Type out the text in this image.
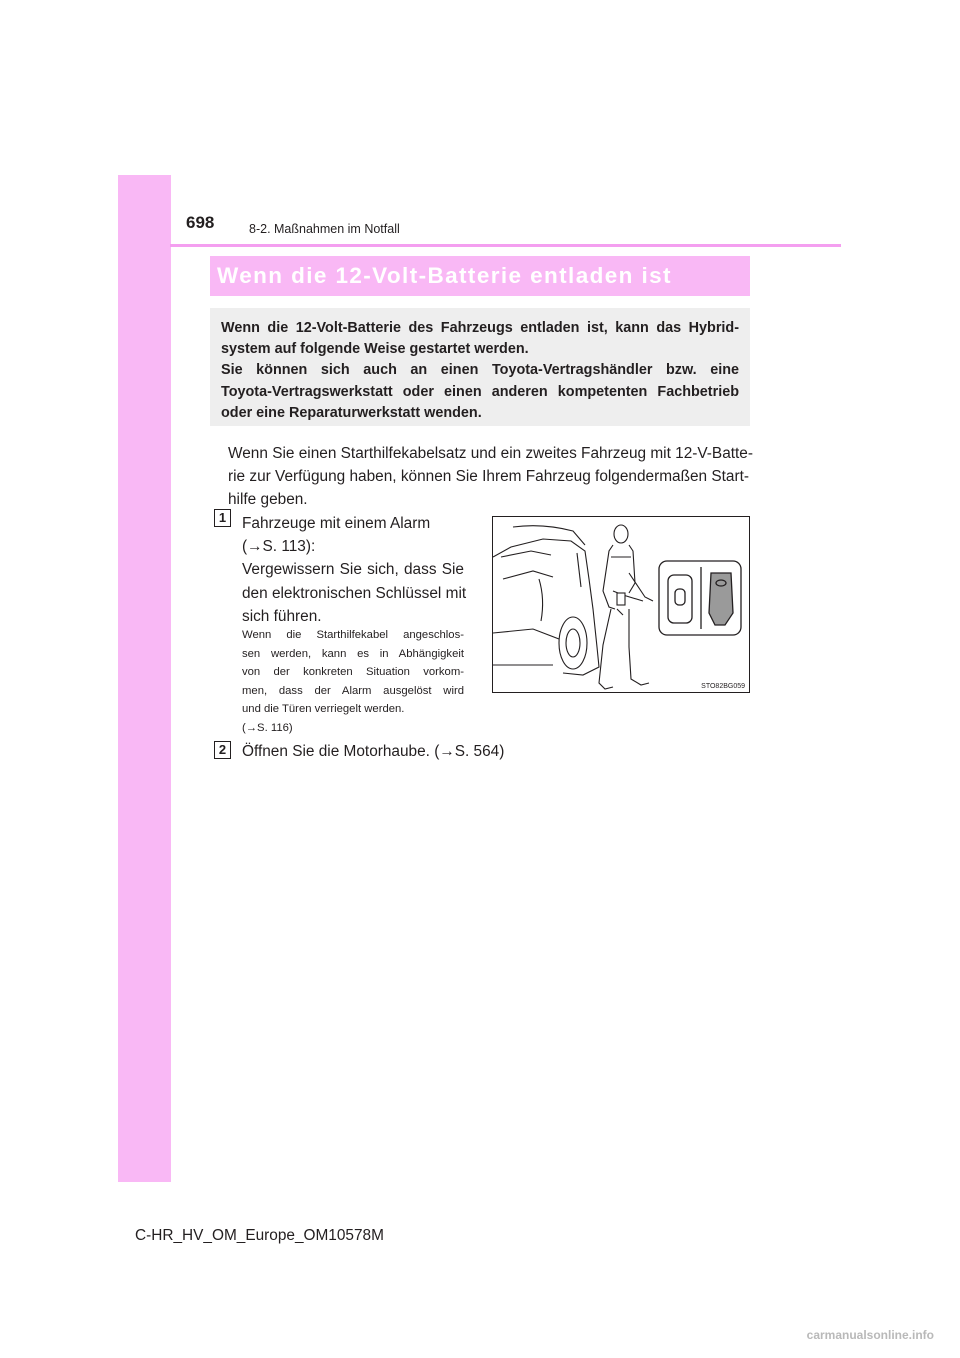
698	8-2. Maßnahmen im Notfall
Wenn die 12-Volt-Batterie entladen ist
Wenn die 12-Volt-Batterie des Fahrzeugs entladen ist, kann das Hybrid-
system auf folgende Weise gestartet werden.
Sie können sich auch an einen Toyota-Vertragshändler bzw. eine
Toyota-Vertragswerkstatt oder einen anderen kompetenten Fachbetrieb
oder eine Reparaturwerkstatt wenden.
Wenn Sie einen Starthilfekabelsatz und ein zweites Fahrzeug mit 12-V-Batte-
rie zur Verfügung haben, können Sie Ihrem Fahrzeug folgendermaßen Start-
hilfe geben.
1	Fahrzeuge mit einem Alarm
(→S. 113):
Vergewissern Sie sich, dass Sie
den elektronischen Schlüssel mit
sich führen.
Wenn die Starthilfekabel angeschlos-
sen werden, kann es in Abhängigkeit
von der konkreten Situation vorkom-
men, dass der Alarm ausgelöst wird
und die Türen verriegelt werden.
(→S. 116)
STO82BG059
2	Öffnen Sie die Motorhaube. (→S. 564)
C-HR_HV_OM_Europe_OM10578M
carmanualsonline.info
